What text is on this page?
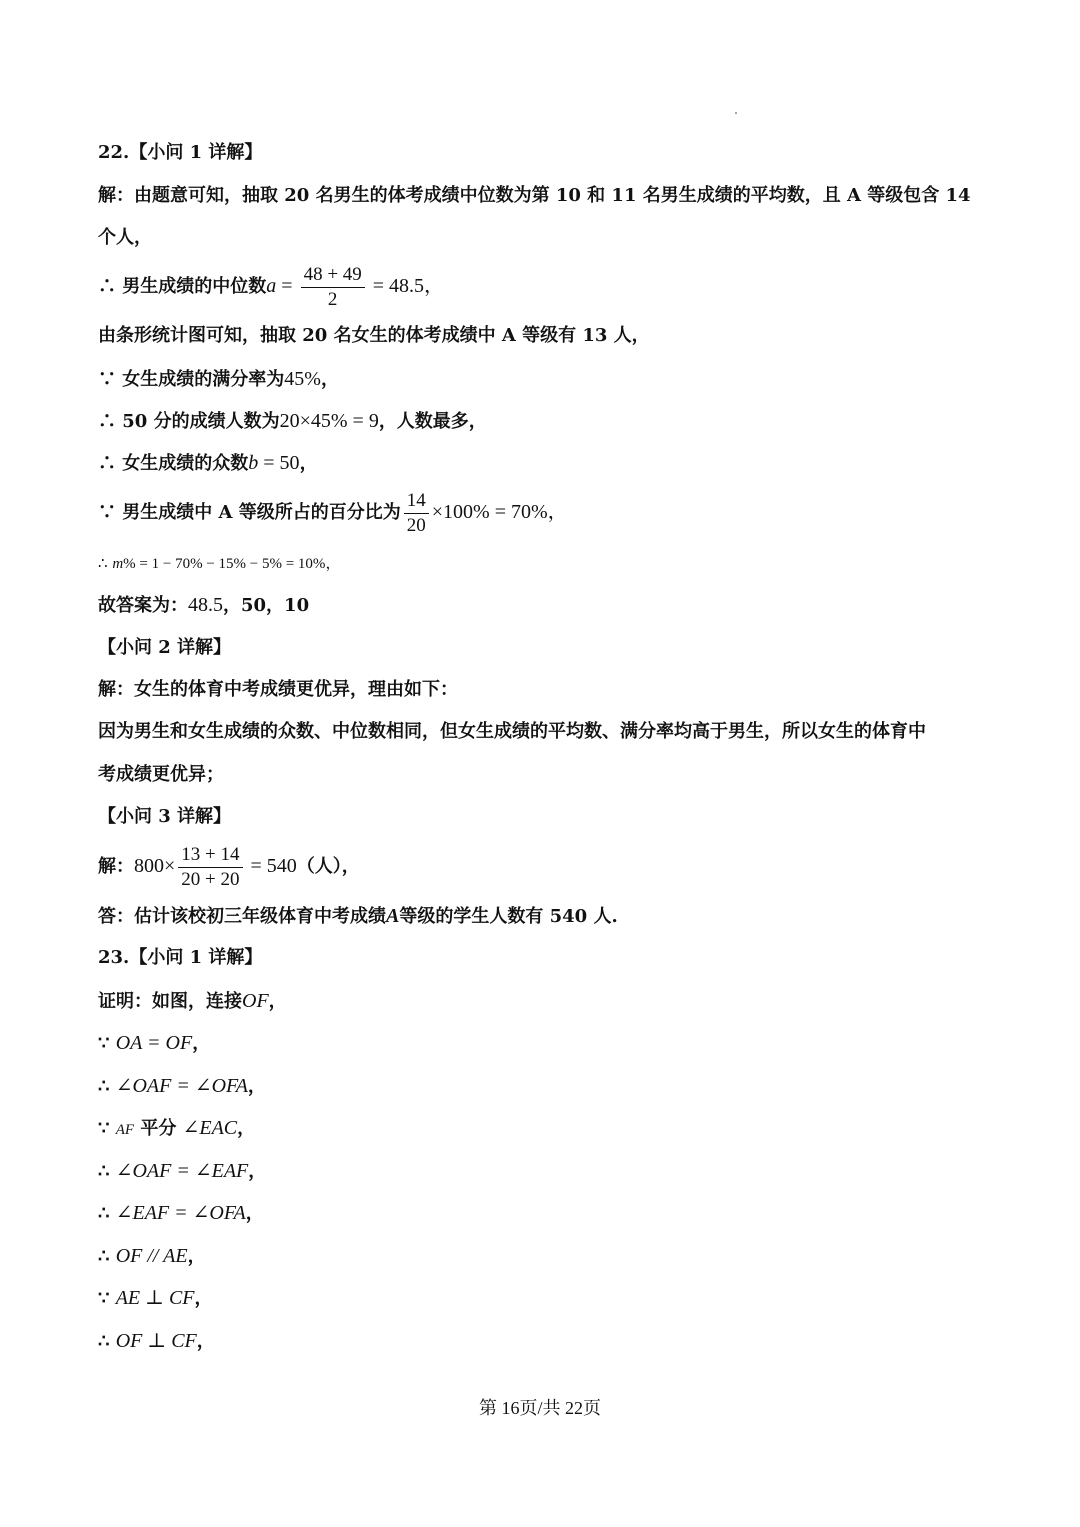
22.【小问 1 详解】
解：由题意可知，抽取 20 名男生的体考成绩中位数为第 10 和 11 名男生成绩的平均数，且 A 等级包含 14
个人，
∴ 男生成绩的中位数$a = \frac{48 + 49}{2} = 48.5$，
由条形统计图可知，抽取 20 名女生的体考成绩中 A 等级有 13 人，
∵ 女生成绩的满分率为45%，
∴ 50 分的成绩人数为20×45% = 9，人数最多，
∴ 女生成绩的众数b = 50，
∵ 男生成绩中 A 等级所占的百分比为 $\frac{14}{20} \times 100\% = 70\%$，
∴ m% = 1 − 70% − 15% − 5% = 10%，
故答案为：48.5，50，10
【小问 2 详解】
解：女生的体育中考成绩更优异，理由如下：
因为男生和女生成绩的众数、中位数相同，但女生成绩的平均数、满分率均高于男生，所以女生的体育中
考成绩更优异；
【小问 3 详解】
解：$800\times \frac{13 + 14}{20 + 20} = 540$（人），
答：估计该校初三年级体育中考成绩A等级的学生人数有 540 人.
23.【小问 1 详解】
证明：如图，连接OF，
∵ OA = OF，
∴ ∠OAF = ∠OFA，
∵ AF 平分 ∠EAC，
∴ ∠OAF = ∠EAF，
∴ ∠EAF = ∠OFA，
∴ OF // AE，
∵ AE ⊥ CF，
∴ OF ⊥ CF，
第 16页/共 22页
